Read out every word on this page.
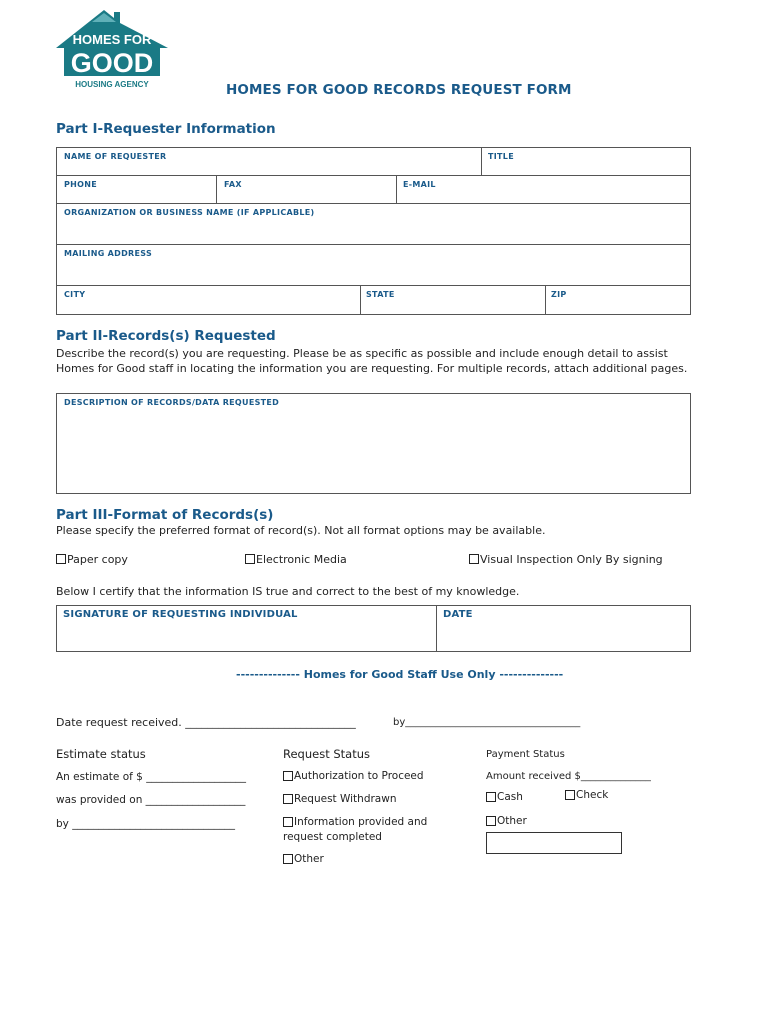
HOMES FOR
GOOD
HOUSING AGENCY	HOMES FOR GOOD RECORDS REQUEST FORM
Part I-Requester Information
NAME OF REQUESTER	TITLE
PHONE	FAX	E-MAIL
ORGANIZATION OR BUSINESS NAME (IF APPLICABLE)
MAILING ADDRESS
CITY	STATE	ZIP
Part II-Records(s) Requested
Describe the record(s) you are requesting. Please be as specific as possible and include enough detail to assist
Homes for Good staff in locating the information you are requesting. For multiple records, attach additional pages.
DESCRIPTION OF RECORDS/DATA REQUESTED
Part III-Format of Records(s)
Please specify the preferred format of record(s). Not all format options may be available.
Paper copy	Electronic Media	Visual Inspection Only By signing
Below I certify that the information IS true and correct to the best of my knowledge.
SIGNATURE OF REQUESTING INDIVIDUAL	DATE
-------------- Homes for Good Staff Use Only --------------
Date request received. _______________________________	by___________________________________
Estimate status
An estimate of $ ___________________
was provided on ___________________
by _______________________________
Request Status
Authorization to Proceed
Request Withdrawn
Information provided and
request completed
Other
Payment Status
Amount received $______________
Cash	Check
Other
